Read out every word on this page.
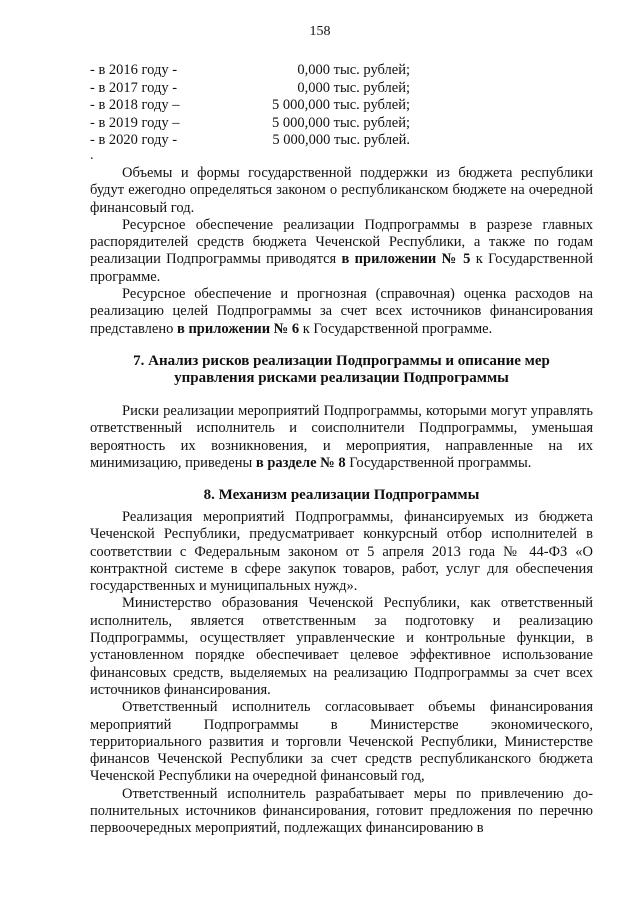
158
- в 2016 году -	0,000 тыс. рублей;
- в 2017 году -	0,000 тыс. рублей;
- в 2018 году –	5 000,000 тыс. рублей;
- в 2019 году –	5 000,000 тыс. рублей;
- в 2020 году -	5 000,000 тыс. рублей.
.

Объемы и формы государственной поддержки из бюджета республики будут ежегодно определяться законом о республиканском бюджете на очередной финансовый год.

Ресурсное обеспечение реализации Подпрограммы в разрезе главных распорядителей средств бюджета Чеченской Республики, а также по годам реализации Подпрограммы приводятся в приложении № 5 к Государственной программе.

Ресурсное обеспечение и прогнозная (справочная) оценка расходов на реализацию целей Подпрограммы за счет всех источников финансирования представлено в приложении № 6 к Государственной программе.

7. Анализ рисков реализации Подпрограммы и описание мер

управления рисками реализации Подпрограммы

Риски реализации мероприятий Подпрограммы, которыми могут управлять ответственный исполнитель и соисполнители Подпрограммы, уменьшая вероятность их возникновения, и мероприятия, направленные на их минимизацию, приведены в разделе № 8 Государственной программы.

8. Механизм реализации Подпрограммы

Реализация мероприятий Подпрограммы, финансируемых из бюджета Чеченской Республики, предусматривает конкурсный отбор исполнителей в соответствии с Федеральным законом от 5 апреля 2013 года № 44-ФЗ «О контрактной системе в сфере закупок товаров, работ, услуг для обеспечения государственных и муниципальных нужд».

Министерство образования Чеченской Республики, как ответственный исполнитель, является ответственным за подготовку и реализацию Подпрограммы, осуществляет управленческие и контрольные функции, в установленном порядке обеспечивает целевое эффективное использование финансовых средств, выделяемых на реализацию Подпрограммы за счет всех источников финансирования.

Ответственный исполнитель согласовывает объемы финансирования мероприятий Подпрограммы в Министерстве экономического, территориального развития и торговли Чеченской Республики, Министерстве финансов Чеченской Республики за счет средств республиканского бюджета Чеченской Республики на очередной финансовый год,

Ответственный исполнитель разрабатывает меры по привлечению до-полнительных источников финансирования, готовит предложения по перечню первоочередных мероприятий, подлежащих финансированию в
